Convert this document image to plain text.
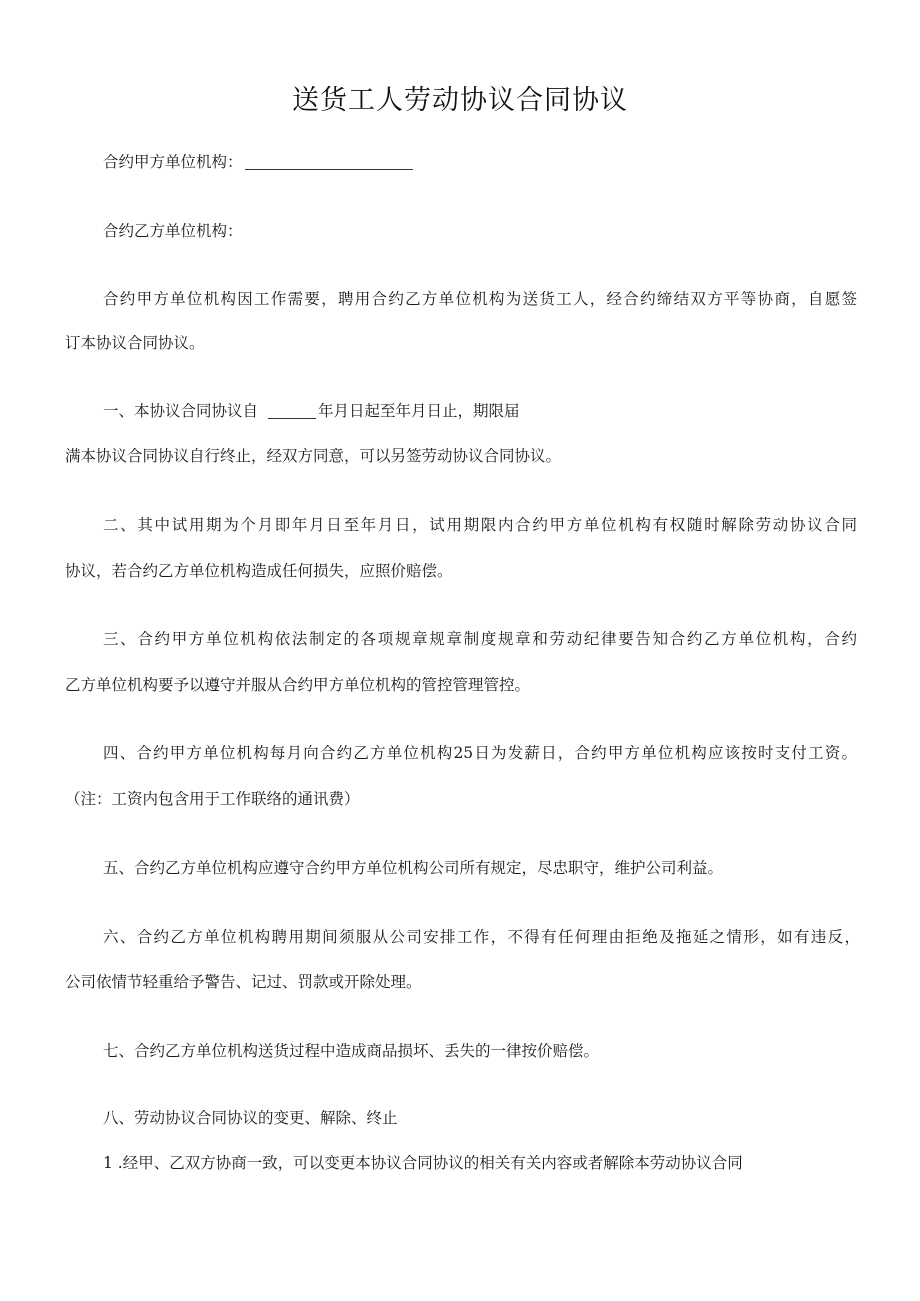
送货工人劳动协议合同协议
合约甲方单位机构：
合约乙方单位机构：
合约甲方单位机构因工作需要，聘用合约乙方单位机构为送货工人，经合约缔结双方平等协商，自愿签
订本协议合同协议。
一、本协议合同协议自	年月日起至年月日止，期限届
满本协议合同协议自行终止，经双方同意，可以另签劳动协议合同协议。
二、其中试用期为个月即年月日至年月日，试用期限内合约甲方单位机构有权随时解除劳动协议合同
协议，若合约乙方单位机构造成任何损失，应照价赔偿。
三、合约甲方单位机构依法制定的各项规章规章制度规章和劳动纪律要告知合约乙方单位机构，合约
乙方单位机构要予以遵守并服从合约甲方单位机构的管控管理管控。
四、合约甲方单位机构每月向合约乙方单位机构25日为发薪日，合约甲方单位机构应该按时支付工资。
（注：工资内包含用于工作联络的通讯费）
五、合约乙方单位机构应遵守合约甲方单位机构公司所有规定，尽忠职守，维护公司利益。
六、合约乙方单位机构聘用期间须服从公司安排工作，不得有任何理由拒绝及拖延之情形，如有违反，
公司依情节轻重给予警告、记过、罚款或开除处理。
七、合约乙方单位机构送货过程中造成商品损坏、丢失的一律按价赔偿。
八、劳动协议合同协议的变更、解除、终止
1 .经甲、乙双方协商一致，可以变更本协议合同协议的相关有关内容或者解除本劳动协议合同
